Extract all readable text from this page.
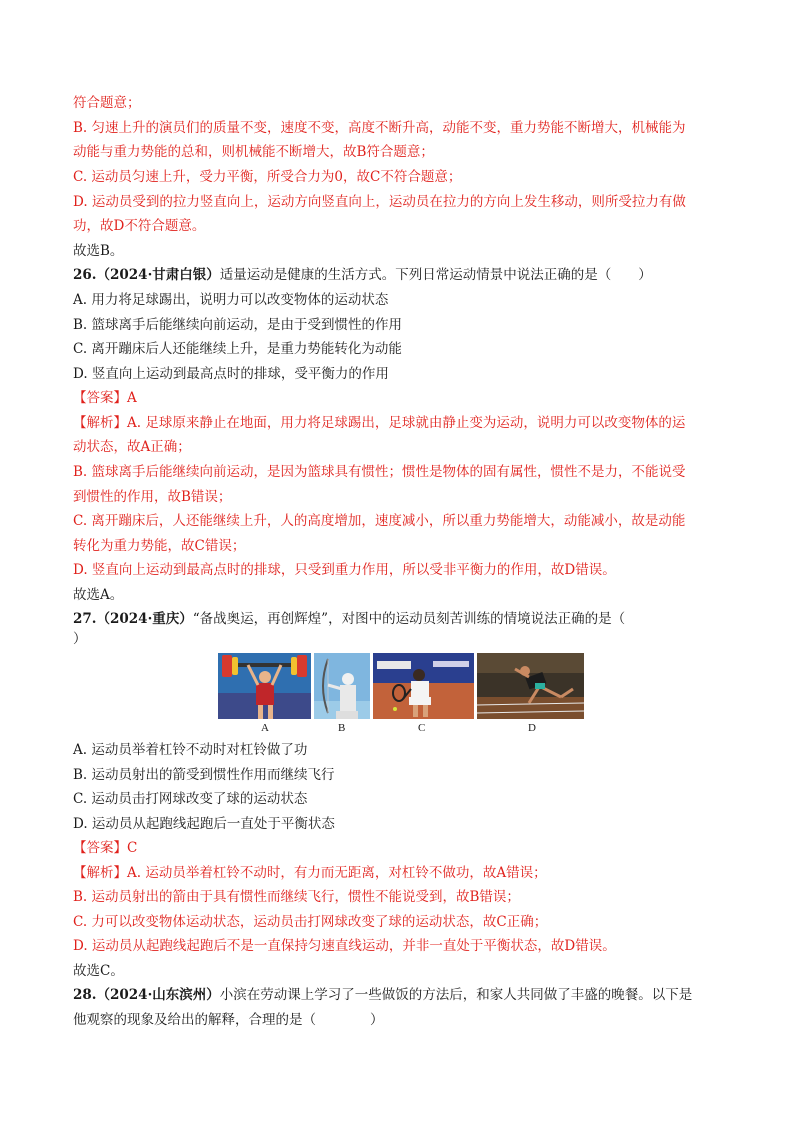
符合题意；
B. 匀速上升的演员们的质量不变，速度不变，高度不断升高，动能不变，重力势能不断增大，机械能为
动能与重力势能的总和，则机械能不断增大，故B符合题意；
C. 运动员匀速上升，受力平衡，所受合力为0，故C不符合题意；
D. 运动员受到的拉力竖直向上，运动方向竖直向上，运动员在拉力的方向上发生移动，则所受拉力有做
功，故D不符合题意。
故选B。
26.（2024·甘肃白银）适量运动是健康的生活方式。下列日常运动情景中说法正确的是（　　）
A. 用力将足球踢出，说明力可以改变物体的运动状态
B. 篮球离手后能继续向前运动，是由于受到惯性的作用
C. 离开蹦床后人还能继续上升，是重力势能转化为动能
D. 竖直向上运动到最高点时的排球，受平衡力的作用
【答案】A
【解析】A. 足球原来静止在地面，用力将足球踢出，足球就由静止变为运动，说明力可以改变物体的运
动状态，故A正确；
B. 篮球离手后能继续向前运动，是因为篮球具有惯性；惯性是物体的固有属性，惯性不是力，不能说受
到惯性的作用，故B错误；
C. 离开蹦床后，人还能继续上升，人的高度增加，速度减小，所以重力势能增大，动能减小，故是动能
转化为重力势能，故C错误；
D. 竖直向上运动到最高点时的排球，只受到重力作用，所以受非平衡力的作用，故D错误。
故选A。
27.（2024·重庆）“备战奥运，再创辉煌”，对图中的运动员刻苦训练的情境说法正确的是（
）
A	B	C	D
A. 运动员举着杠铃不动时对杠铃做了功
B. 运动员射出的箭受到惯性作用而继续飞行
C. 运动员击打网球改变了球的运动状态
D. 运动员从起跑线起跑后一直处于平衡状态
【答案】C
【解析】A. 运动员举着杠铃不动时，有力而无距离，对杠铃不做功，故A错误；
B. 运动员射出的箭由于具有惯性而继续飞行，惯性不能说受到，故B错误；
C. 力可以改变物体运动状态，运动员击打网球改变了球的运动状态，故C正确；
D. 运动员从起跑线起跑后不是一直保持匀速直线运动，并非一直处于平衡状态，故D错误。
故选C。
28.（2024·山东滨州）小滨在劳动课上学习了一些做饭的方法后，和家人共同做了丰盛的晚餐。以下是
他观察的现象及给出的解释，合理的是（　　　　）
